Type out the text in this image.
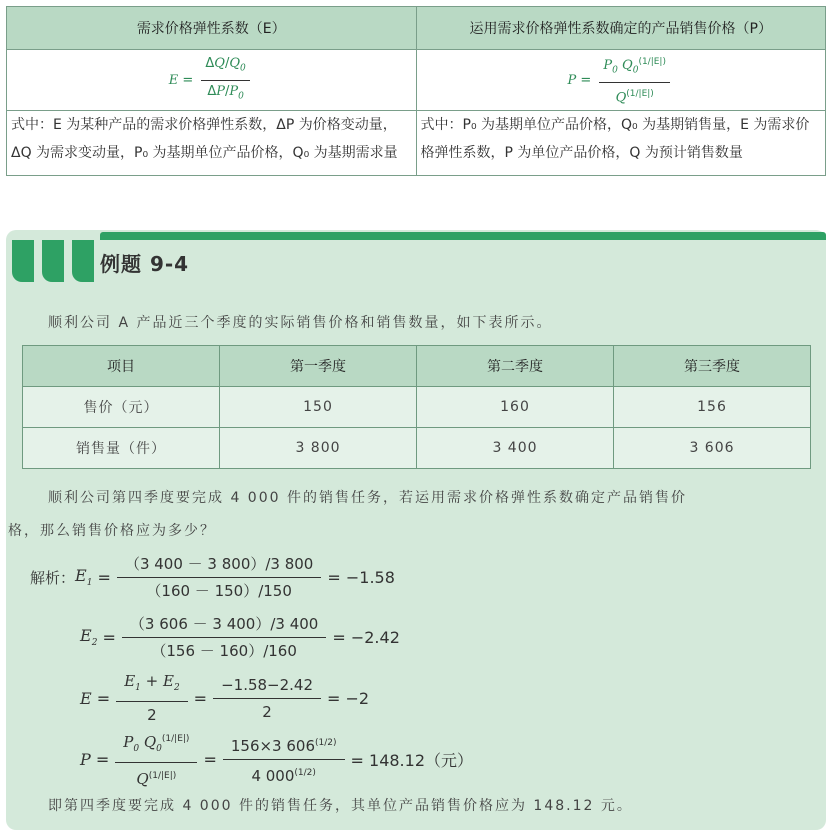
需求价格弹性系数（E）	运用需求价格弹性系数确定的产品销售价格（P）
$E = \frac{\Delta Q/Q_0}{\Delta P/P_0}$	$P = \frac{P_0 Q_0^{(1/|E|)}}{Q^{(1/|E|)}}$

式中：E 为某种产品的需求价格弹性系数，ΔP 为价格变动量，ΔQ 为需求变动量，P₀ 为基期单位产品价格，Q₀ 为基期需求量	式中：P₀ 为基期单位产品价格，Q₀ 为基期销售量，E 为需求价格弹性系数，P 为单位产品价格，Q 为预计销售数量
例题 9-4
顺利公司 A 产品近三个季度的实际销售价格和销售数量，如下表所示。
项目	第一季度	第二季度	第三季度
售价（元）	150	160	156
销售量（件）	3 800	3 400	3 606
顺利公司第四季度要完成 4 000 件的销售任务，若运用需求价格弹性系数确定产品销售价
格，那么销售价格应为多少？
解析： $E_1 = \frac{(3 400 - 3 800)/3 800}{(160 - 150)/150} = -1.58$
$E_2 = \frac{(3 606 - 3 400)/3 400}{(156 - 160)/160} = -2.42$
$E = \frac{E_1 + E_2}{2} = \frac{-1.58-2.42}{2} = -2$
$P = \frac{P_0 Q_0^{(1/|E|)}}{Q^{(1/|E|)}} = \frac{156\times 3 606^{(1/2)}}{4 000^{(1/2)}} = 148.12$（元）
即第四季度要完成 4 000 件的销售任务，其单位产品销售价格应为 148.12 元。
